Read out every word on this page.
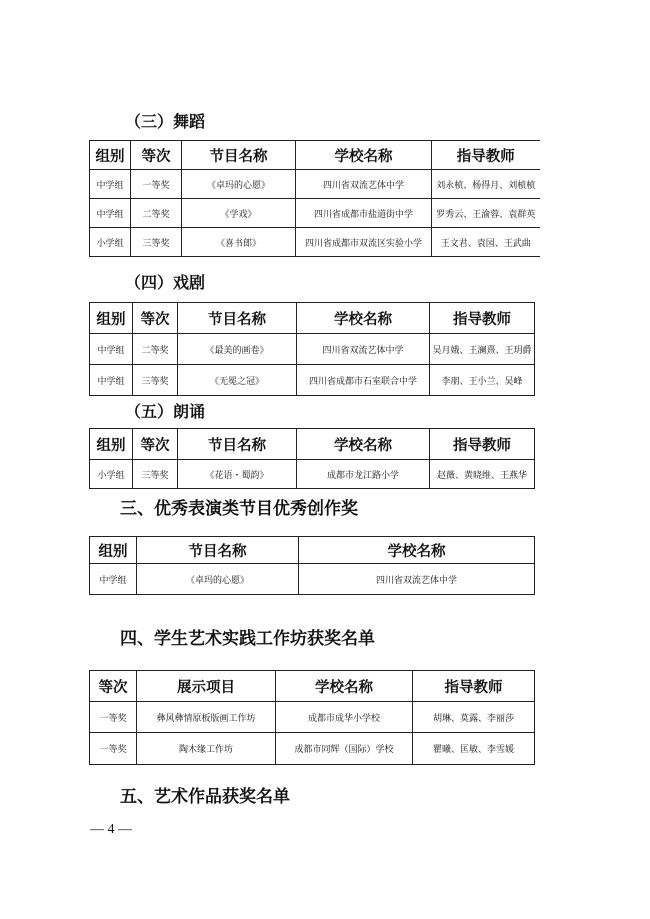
（三）舞蹈
组别	等次	节目名称	学校名称	指导教师
中学组	一等奖	《卓玛的心愿》	四川省双流艺体中学	刘永桢、杨得月、刘桢桢
中学组	二等奖	《学戏》	四川省成都市盐道街中学	罗秀云、王渝蓉、袁群英
小学组	三等奖	《喜书郎》	四川省成都市双流区实验小学	王文君、袁园、王武曲
（四）戏剧
组别	等次	节目名称	学校名称	指导教师
中学组	二等奖	《最美的画卷》	四川省双流艺体中学	吴月娥、王澜熹、王玥爵
中学组	三等奖	《无冕之冠》	四川省成都市石室联合中学	李朋、王小兰、吴峰
（五）朗诵
组别	等次	节目名称	学校名称	指导教师
小学组	三等奖	《花语・蜀韵》	成都市龙江路小学	赵薇、黄晓维、王燕华
三、优秀表演类节目优秀创作奖
组别	节目名称	学校名称
中学组	《卓玛的心愿》	四川省双流艺体中学
四、学生艺术实践工作坊获奖名单
等次	展示项目	学校名称	指导教师
一等奖	彝风彝情原板版画工作坊	成都市成华小学校	胡琳、莫露、李丽莎
一等奖	陶木缘工作坊	成都市同辉（国际）学校	瞿曦、匡敏、李雪媛
五、艺术作品获奖名单
— 4 —
